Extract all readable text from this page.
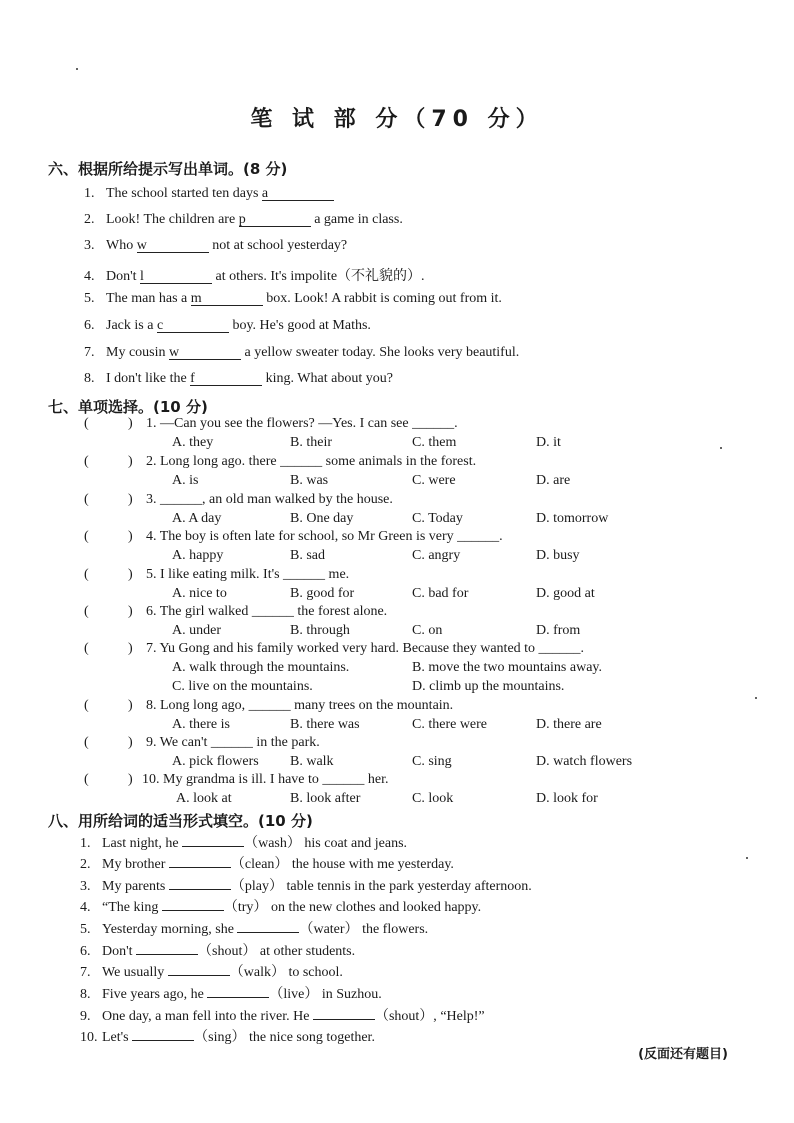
笔 试 部 分（70 分）
六、根据所给提示写出单词。(8 分)
1. The school started ten days a
2. Look! The children are p	a game in class.
3. Who w	not at school yesterday?
4. Don't l	at others. It's impolite（不礼貌的）.
5. The man has a m	box. Look! A rabbit is coming out from it.
6. Jack is a c	boy. He's good at Maths.
7. My cousin w	a yellow sweater today. She looks very beautiful.
8. I don't like the f	king. What about you?
七、单项选择。(10 分)
(	) 1. —Can you see the flowers? —Yes. I can see ______.
A. they	B. their	C. them	D. it
(	) 2. Long long ago. there ______ some animals in the forest.
A. is	B. was	C. were	D. are
(	) 3. ______, an old man walked by the house.
A. A day	B. One day	C. Today	D. tomorrow
(	) 4. The boy is often late for school, so Mr Green is very ______.
A. happy	B. sad	C. angry	D. busy
(	) 5. I like eating milk. It's ______ me.
A. nice to	B. good for	C. bad for	D. good at
(	) 6. The girl walked ______ the forest alone.
A. under	B. through	C. on	D. from
(	) 7. Yu Gong and his family worked very hard. Because they wanted to ______.
A. walk through the mountains.	B. move the two mountains away.
C. live on the mountains.	D. climb up the mountains.
(	) 8. Long long ago, ______ many trees on the mountain.
A. there is	B. there was	C. there were	D. there are
(	) 9. We can't ______ in the park.
A. pick flowers B. walk	C. sing	D. watch flowers
(	) 10. My grandma is ill. I have to ______ her.
A. look at	B. look after	C. look	D. look for
八、用所给词的适当形式填空。(10 分)
1. Last night, he	（wash） his coat and jeans.
2. My brother	（clean） the house with me yesterday.
3. My parents	（play） table tennis in the park yesterday afternoon.
4. “The king	（try） on the new clothes and looked happy.
5. Yesterday morning, she	（water） the flowers.
6. Don't	（shout） at other students.
7. We usually	（walk） to school.
8. Five years ago, he	（live） in Suzhou.
9. One day, a man fell into the river. He	（shout）, “Help!”
10. Let's	（sing） the nice song together.
(反面还有题目)
